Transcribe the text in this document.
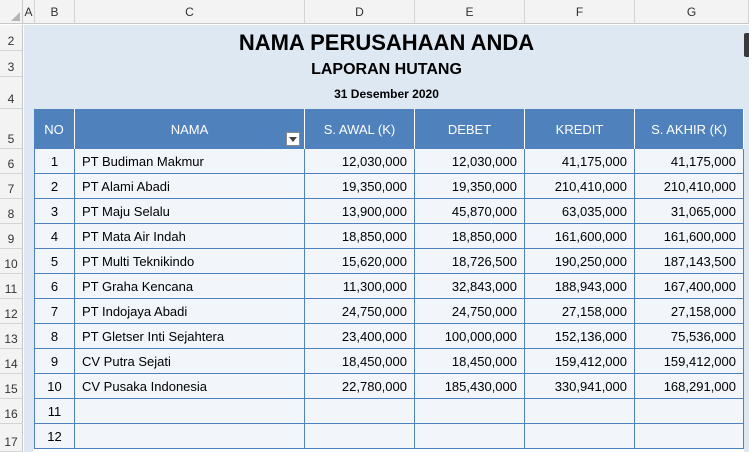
A	B	C	D	E	F	G
2
3
4
5
6
7
8
9
10
11
12
13
14
15
16
17
NAMA PERUSAHAAN ANDA
LAPORAN HUTANG
31 Desember 2020
NO	NAMA	S. AWAL (K)	DEBET	KREDIT	S. AKHIR (K)
1	PT Budiman Makmur	12,030,000	12,030,000	41,175,000	41,175,000
2	PT Alami Abadi	19,350,000	19,350,000	210,410,000	210,410,000
3	PT Maju Selalu	13,900,000	45,870,000	63,035,000	31,065,000
4	PT Mata Air Indah	18,850,000	18,850,000	161,600,000	161,600,000
5	PT Multi Teknikindo	15,620,000	18,726,500	190,250,000	187,143,500
6	PT Graha Kencana	11,300,000	32,843,000	188,943,000	167,400,000
7	PT Indojaya Abadi	24,750,000	24,750,000	27,158,000	27,158,000
8	PT Gletser Inti Sejahtera	23,400,000	100,000,000	152,136,000	75,536,000
9	CV Putra Sejati	18,450,000	18,450,000	159,412,000	159,412,000
10	CV Pusaka Indonesia	22,780,000	185,430,000	330,941,000	168,291,000
11
12
